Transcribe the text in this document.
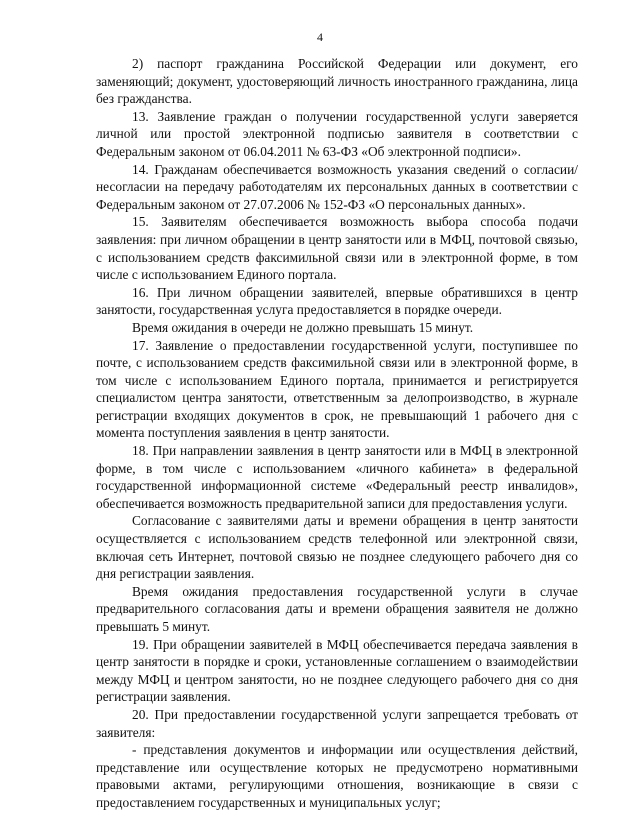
4

2) паспорт гражданина Российской Федерации или документ, его заменяющий; документ, удостоверяющий личность иностранного гражданина, лица без гражданства.

13. Заявление граждан о получении государственной услуги заверяется личной или простой электронной подписью заявителя в соответствии с Федеральным законом от 06.04.2011 № 63-ФЗ «Об электронной подписи».

14. Гражданам обеспечивается возможность указания сведений о согласии/несогласии на передачу работодателям их персональных данных в соответствии с Федеральным законом от 27.07.2006 № 152-ФЗ «О персональных данных».

15. Заявителям обеспечивается возможность выбора способа подачи заявления: при личном обращении в центр занятости или в МФЦ, почтовой связью, с использованием средств факсимильной связи или в электронной форме, в том числе с использованием Единого портала.

16. При личном обращении заявителей, впервые обратившихся в центр занятости, государственная услуга предоставляется в порядке очереди.

Время ожидания в очереди не должно превышать 15 минут.

17. Заявление о предоставлении государственной услуги, поступившее по почте, с использованием средств факсимильной связи или в электронной форме, в том числе с использованием Единого портала, принимается и регистрируется специалистом центра занятости, ответственным за делопроизводство, в журнале регистрации входящих документов в срок, не превышающий 1 рабочего дня с момента поступления заявления в центр занятости.

18. При направлении заявления в центр занятости или в МФЦ в электронной форме, в том числе с использованием «личного кабинета» в федеральной государственной информационной системе «Федеральный реестр инвалидов», обеспечивается возможность предварительной записи для предоставления услуги.

Согласование с заявителями даты и времени обращения в центр занятости осуществляется с использованием средств телефонной или электронной связи, включая сеть Интернет, почтовой связью не позднее следующего рабочего дня со дня регистрации заявления.

Время ожидания предоставления государственной услуги в случае предварительного согласования даты и времени обращения заявителя не должно превышать 5 минут.

19. При обращении заявителей в МФЦ обеспечивается передача заявления в центр занятости в порядке и сроки, установленные соглашением о взаимодействии между МФЦ и центром занятости, но не позднее следующего рабочего дня со дня регистрации заявления.

20. При предоставлении государственной услуги запрещается требовать от заявителя:

- представления документов и информации или осуществления действий, представление или осуществление которых не предусмотрено нормативными правовыми актами, регулирующими отношения, возникающие в связи с предоставлением государственных и муниципальных услуг;
